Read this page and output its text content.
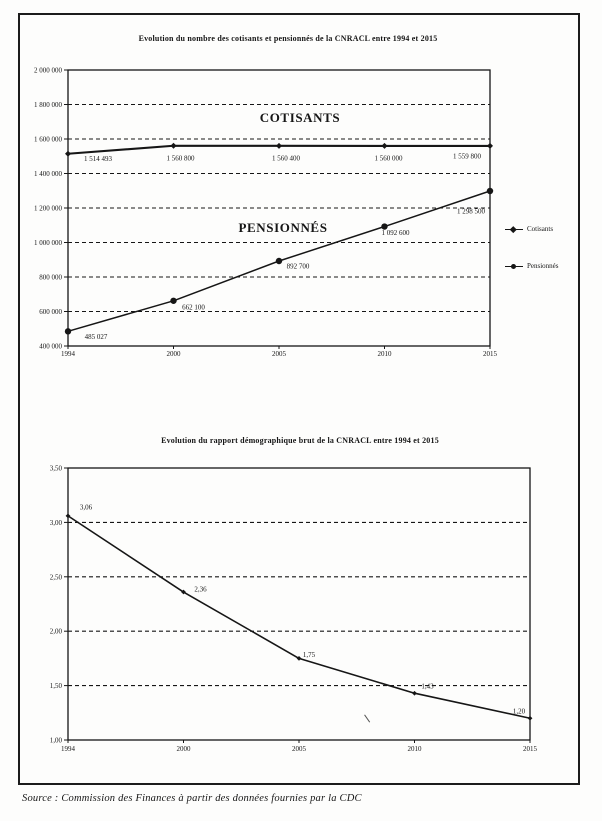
Evolution du nombre des cotisants et pensionnés de la CNRACL entre 1994 et 2015
400 000
600 000
800 000
1 000 000
1 200 000
1 400 000
1 600 000
1 800 000
2 000 000
1994	2000	2005	2010	2015
1 514 493	1 560 800	1 560 400	1 560 000	1 559 800
485 027
662 100
892 700
1 092 600
1 298 500
COTISANTS
PENSIONNÉS	Cotisants
Pensionnés
Evolution du rapport démographique brut de la CNRACL entre 1994 et 2015
1,00
1,50
2,00
2,50
3,00
3,50
1994	2000	2005	2010	2015
3,06
2,36
1,75
1,43
1,20
Source : Commission des Finances à partir des données fournies par la CDC
